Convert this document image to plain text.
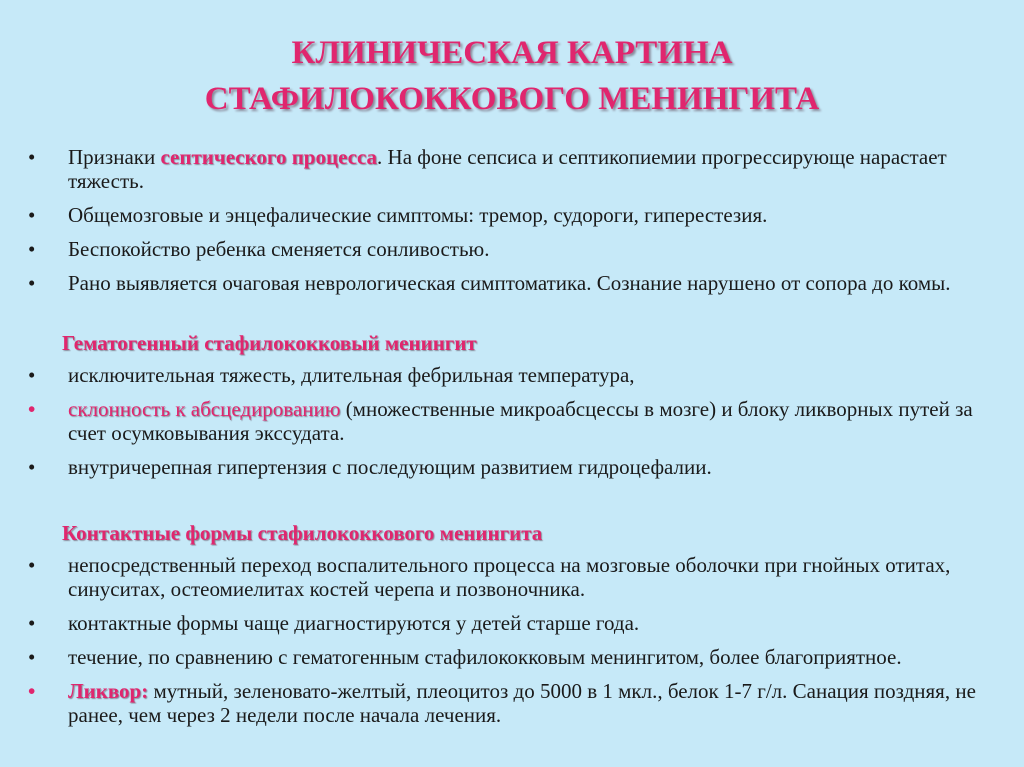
КЛИНИЧЕСКАЯ КАРТИНА
СТАФИЛОКОККОВОГО МЕНИНГИТА
•	Признаки септического процесса. На фоне сепсиса и септикопиемии прогрессирующе нарастает тяжесть.
•	Общемозговые и энцефалические симптомы: тремор, судороги, гиперестезия.
•	Беспокойство ребенка сменяется сонливостью.
•	Рано выявляется очаговая неврологическая симптоматика. Сознание нарушено от сопора до комы.
Гематогенный стафилококковый менингит
•	исключительная тяжесть, длительная фебрильная температура,
•	склонность к абсцедированию (множественные микроабсцессы в мозге) и блоку ликворных путей за счет осумковывания экссудата.
•	внутричерепная гипертензия с последующим развитием гидроцефалии.
Контактные формы стафилококкового менингита
•	непосредственный переход воспалительного процесса на мозговые оболочки при гнойных отитах, синуситах, остеомиелитах костей черепа и позвоночника.
•	контактные формы чаще диагностируются у детей старше года.
•	течение, по сравнению с гематогенным стафилококковым менингитом, более благоприятное.
•	Ликвор: мутный, зеленовато-желтый, плеоцитоз до 5000 в 1 мкл., белок 1-7 г/л. Санация поздняя, не ранее, чем через 2 недели после начала лечения.
